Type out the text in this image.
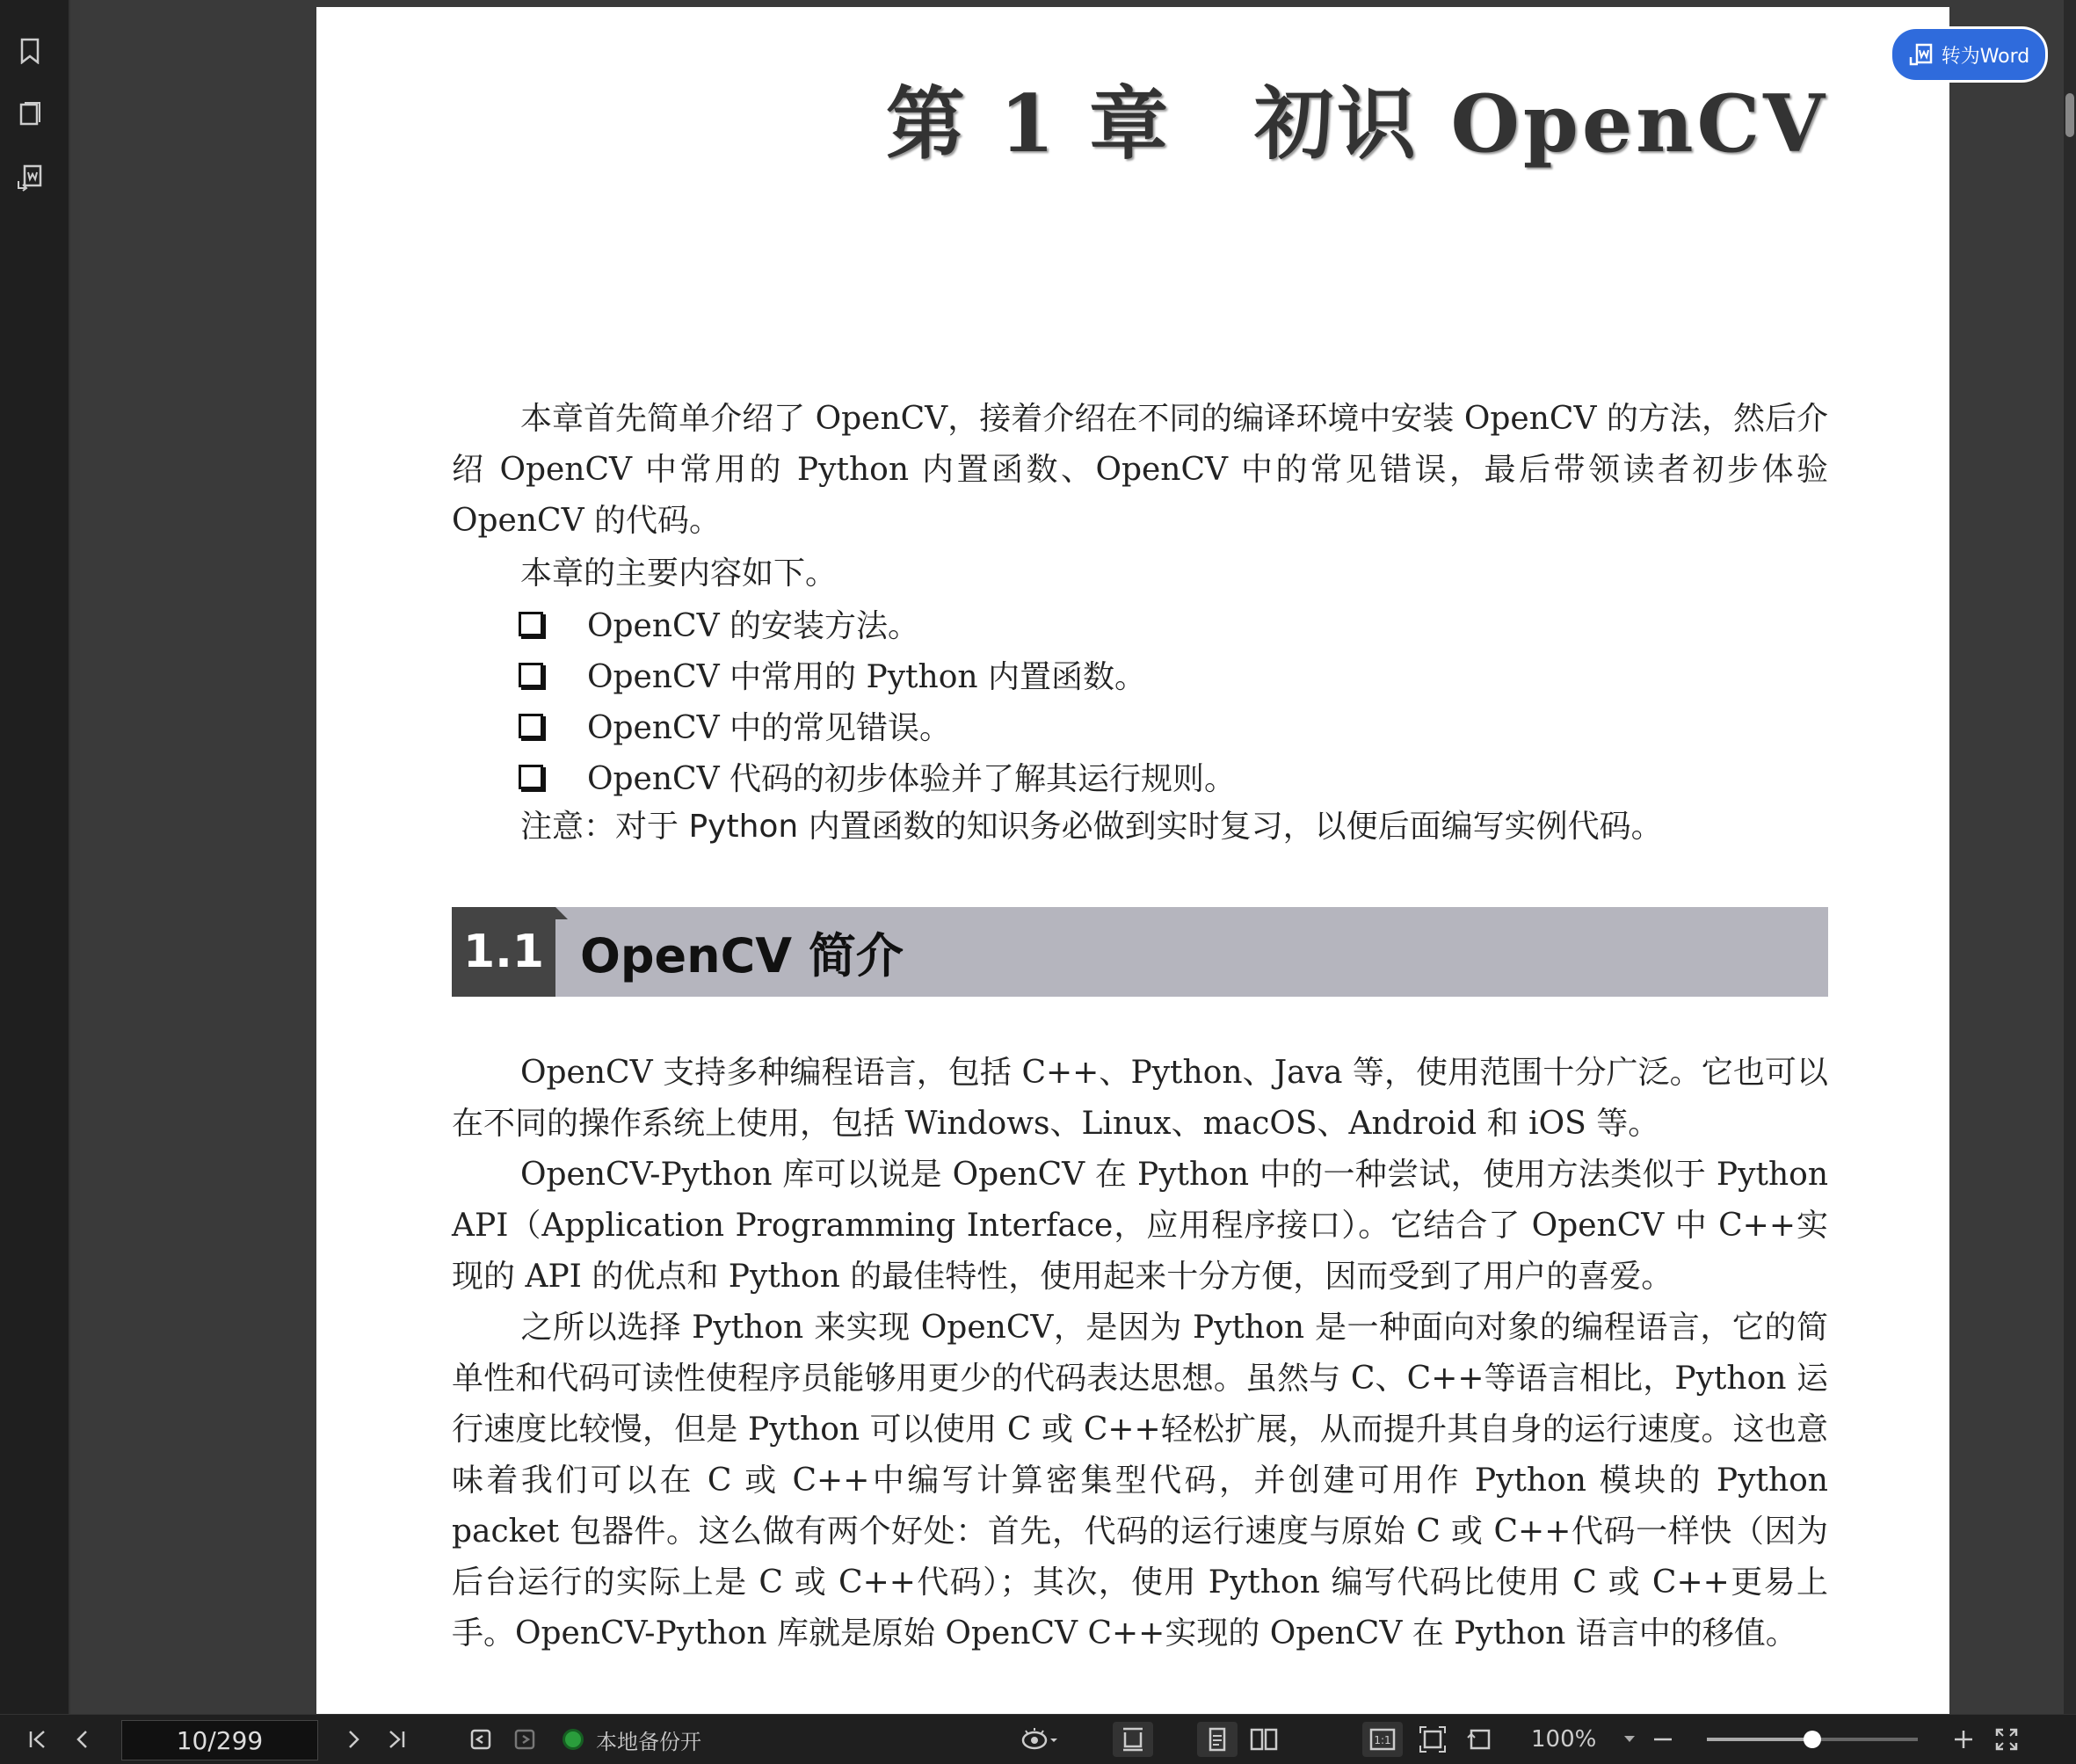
第 1 章　初识 OpenCV
本章首先简单介绍了 OpenCV，接着介绍在不同的编译环境中安装 OpenCV 的方法，然后介绍 OpenCV 中常用的 Python 内置函数、OpenCV 中的常见错误，最后带领读者初步体验 OpenCV 的代码。
本章的主要内容如下。
OpenCV 的安装方法。
OpenCV 中常用的 Python 内置函数。
OpenCV 中的常见错误。
OpenCV 代码的初步体验并了解其运行规则。
注意：对于 Python 内置函数的知识务必做到实时复习，以便后面编写实例代码。
1.1 OpenCV 简介
OpenCV 支持多种编程语言，包括 C++、Python、Java 等，使用范围十分广泛。它也可以在不同的操作系统上使用，包括 Windows、Linux、macOS、Android 和 iOS 等。
OpenCV-Python 库可以说是 OpenCV 在 Python 中的一种尝试，使用方法类似于 Python API（Application Programming Interface，应用程序接口）。它结合了 OpenCV 中 C++实现的 API 的优点和 Python 的最佳特性，使用起来十分方便，因而受到了用户的喜爱。
之所以选择 Python 来实现 OpenCV，是因为 Python 是一种面向对象的编程语言，它的简单性和代码可读性使程序员能够用更少的代码表达思想。虽然与 C、C++等语言相比，Python 运行速度比较慢，但是 Python 可以使用 C 或 C++轻松扩展，从而提升其自身的运行速度。这也意味着我们可以在 C 或 C++中编写计算密集型代码，并创建可用作 Python 模块的 Python packet 包器件。这么做有两个好处：首先，代码的运行速度与原始 C 或 C++代码一样快（因为后台运行的实际上是 C 或 C++代码）；其次，使用 Python 编写代码比使用 C 或 C++更易上手。OpenCV-Python 库就是原始 OpenCV C++实现的 OpenCV 在 Python 语言中的移值。
转为Word
10/299
本地备份开	1:1	100%
